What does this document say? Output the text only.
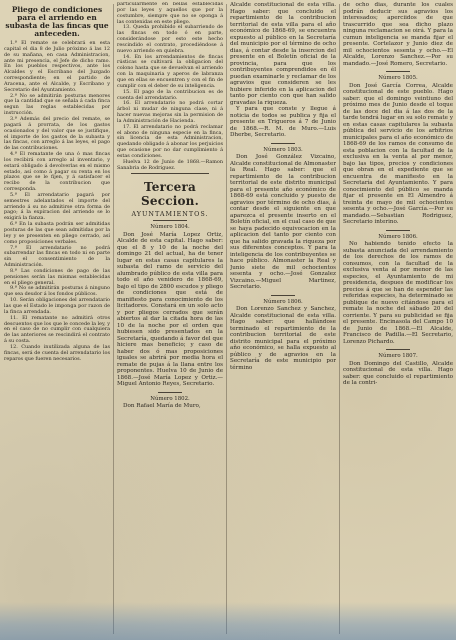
Pliego de condiciones para el arriendo en subasta de las fincas que anteceden.

1.ª El remate se celebrará en esta capital el dia 8 de Julio próximo á las 12 de su mañana, en casa Administracion, ante mi presencia, el Jefe de dicho ramo. En los pueblos respectivos, ante los Alcaldes y el Escribano del Juzgado correspondiente; en el partido de Aracena, ante el Alcalde, y Escribano y Secretario del Ayuntamiento.

2.ª No se admitirán posturas menores que la cantidad que se señala á cada finca segun las reglas establecidas por instrucción.

3.ª Además del precio del remate, se pagará á prorrata, de los gastos ocasionados y del valor que se justifique, el importe de los gastos de la subasta y las fincas, con arreglo á las leyes, el pago de las contribuciones.

4.ª El rematante de una ó mas fincas los recibirá con arreglo al inventario, y estará obligado á devolverlas en el mismo estado, así como á pagar su renta en los plazos que se le fijen, y á satisfacer el recibo de la contribucion que corresponda.

5.ª El arrendatario pagará por semestres adelantados el importe del arriendo á su no admitirse otra forma de pago; á la expiracion del arriendo se lo exigirá la fianza.

6.ª En la subasta podrán ser admitidas posturas de las que sean admitidas por la ley y se presenten en pliego cerrado, así como proposiciones verbales.

7.ª El arrendatario no podrá subarrendar las fincas en todo ni en parte sin el consentimiento de la Administración.

8.ª Las condiciones de pago de las pensiones serán las mismas establecidas en el pliego general.

9.ª No se admitirán posturas á ninguno que sea deudor á los fondos públicos.

10. Serán obligaciones del arrendatario las que el Estado le imponga por razon de la finca arrendada.

11. El rematante no admitirá otros descuentos que los que le concede la ley, y en el caso de no cumplir con cualquiera de las anteriores se rescindirá el contrato á su costa.

12. Cuando inutilizada alguna de las fincas, será de cuenta del arrendatario los reparos que fueren necesarios.

particularmente en bellas establecidas por las leyes y aquellos que por la costumbre, siempre que no se oponga á las contenidas en este pliego.

13. Queda prohibido el subarriendo de las fincas en todo ó en parte, considerándose por esto este hecho rescindido el contrato, procediéndose á nuevo arriendo en quiebra.

14. En los arrendamientos de fincas rústicas se cultivará la obligacion del colono hasta que se devuelvan el arriendo con la maquinaria y aperos de labranza que en ellas se encuentren y con el fin de cumplir con el deber de su inteligencia.

15. El pago de la contribucion es de cuenta del arrendatario.

16. El arrendatario no podrá cortar árbol ni mudar de ninguna clase, ni á hacer nuevas mejoras sin la permision de la Administración de Hacienda.

17. El arrendatario no podrá reclamar el abono de ninguna especie en la finca, sin licencia de esta Administracion, quedando obligado á abonar los perjuicios que ocasione por no dar cumplimiento á estas condiciones.

Huelva 12 de Junio de 1868.—Ramon Sanabria de Rodriguez.

Tercera Seccion.
AYUNTAMIENTOS.

Número 1804.

Don José María Lopez Ortiz, Alcalde de esta capital. Hago saber: que el 8 y 10 de la noche del domingo 21 del actual, ha de tener lugar en estas casas capitulares la subasta del ramo de servicio del alumbrado público de esta villa para todo el año venidero de 1868-69, bajo el tipo de 2800 escudos y pliego de condiciones que está de manifiesto para conocimiento de los licitadores. Constará en un solo acto y por pliegos cerrados que serán abiertos al dar la citada hora de las 10 de la noche por el orden que hubiesen sido presentados en la Secretaría, quedando á favor del que hiciere mas beneficio; y caso de haber dos ó mas proposiciones iguales se abrirá por media hora el remate de pujas á la llana entre los proponentes. Huelva 10 de Junio de 1868.—José María Lopez y Ortiz.—Miguel Antonio Reyes, Secretario.

Número 1802.

Don Rafael María de Muro,

Alcalde constitucional de esta villa. Hago saber: que concluido el repartimiento de la contribucion territorial de esta villa para el año económico de 1868-69, se encuentra expuesto al público en la Secretaría del municipio por el término de ocho dias, á contar desde la insercion del presente en el Boletín oficial de la provincia, para que los contribuyentes comprendidos en él puedan examinarle y reclamar de los agravios que consideren se les hubiere inferido en la aplicacion del tanto por ciento con que han salido gravadas la riqueza.

Y para que conste y llegue á noticia de todos se publica y fija el presente en Trigueros á 7 de Junio de 1868.—R. M. de Muro.—Luis Dherbe, Secretario.

Número 1803.

Don José González Vizcaino, Alcalde constitucional de Almonaster la Real. Hago saber: que el repartimiento de la contribucion territorial de este distrito municipal para el presente año económico de 1868-69 está concluido y puesto de agravios por término de ocho dias, á contar desde el siguiente en que aparezca el presente inserto en el Boletín oficial, en el cual caso de que se haya padecido equivocacion en la aplicacion del tanto por ciento con que ha salido gravada la riqueza por sus diferentes conceptos. Y para la inteligencia de los contribuyentes se hace público. Almonaster la Real y Junio siete de mil ochocientos sesenta y ocho.—José Gonzalez Vizcaino.—Miguel Martinez, Secretario.

Número 1806.

Don Lorenzo Sanchez y Sanchez, Alcalde constitucional de esta villa. Hago saber: que hallándose terminado el repartimiento de la contribucion territorial de este distrito municipal para el próximo año económico, se halla expuesto al público y de agravios en la Secretaría de este municipio por término

de ocho dias, durante los cuales podrán deducir sus agravios los interesados; aperciidos de que trascurrido que sea dicho plazo ninguna reclamacion se oirá. Y para la cumun inteligencia se manda fijar el presente. Cortelazor y Junio diez de mil ochocientos sesenta y ocho.—El Alcalde, Lorenzo Sanchez.—Por su mandado.—José Romero, Secretario.

Número 1805.

Don José García Correa, Alcalde constitucional de este pueblo. Hago saber: que el domingo veintiuno del próximo mes de Junio desde el toque de las doce del dia á las dos de la tarde tendrá lugar en su solo remate y en estas casas capitulares la subasta pública del servicio de los arbitrios municipales para el año económico de 1868-69 de los ramos de consumo de esta poblacion con la facultad de la exclusiva en la venta al por menor, bajo las tipos, precios y condiciones que obran en el expediente que se encuentra de manifiesto en la Secretaría del Ayuntamiento. Y para conocimiento del público se manda fijar el presente en El Almendro á treinta de mayo de mil ochocientos sesenta y ocho.—José García.—Por su mandado.—Sebastian Rodriguez, Secretario interino.

Número 1806.

No habiendo tenido efecto la subasta anunciada del arrendamiento de los derechos de los ramos de consumos, con la facultad de la exclusiva venta al por menor de las especies, el Ayuntamiento de mi presidencia, despues de modificar los precios á que se han de espender las referidas especies, ha determinado se publique de nuevo citándose para el remate la noche del sábado 20 del corriente. Y para su publicidad se fija el presente. Encinasola del Campo 10 de Junio de 1868.—El Alcalde, Francisco de Padilla.—El Secretario, Lorenzo Pichardo.

Número 1807.

Don Domingo del Castillo, Alcalde constitucional de esta villa. Hago saber: que concluido el repartimiento de la contri-
